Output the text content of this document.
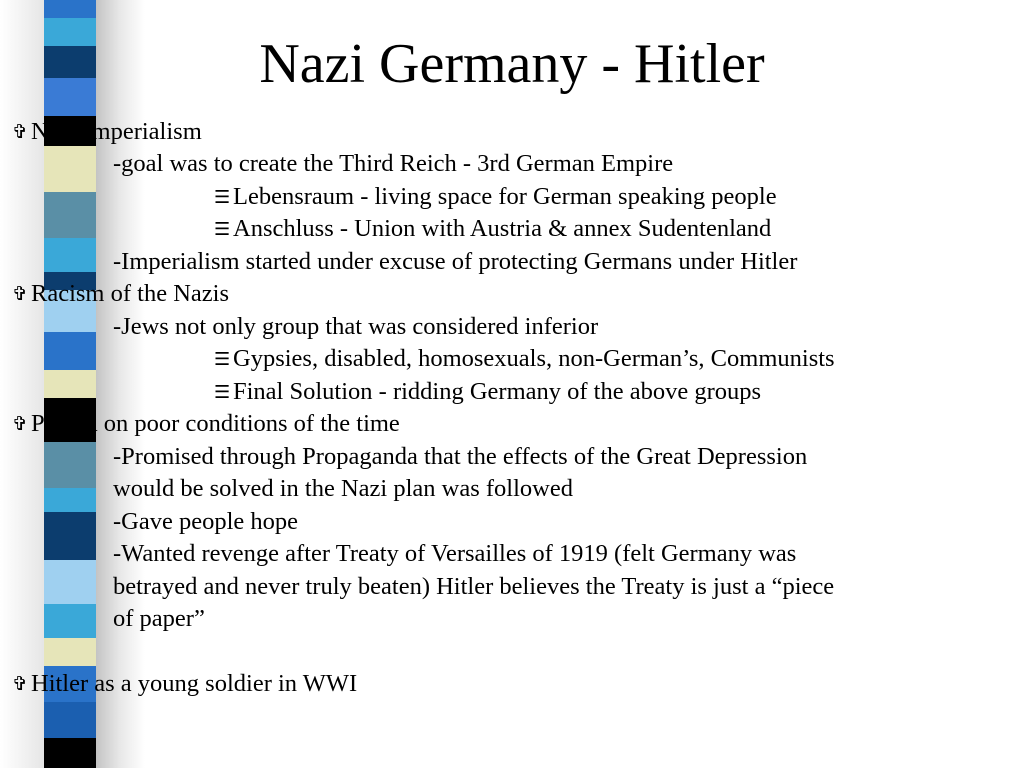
Nazi Germany - Hitler
✞ Nazi Imperialism
-goal was to create the Third Reich - 3rd German Empire
☰ Lebensraum - living space for German speaking people
☰ Anschluss - Union with Austria & annex Sudentenland
-Imperialism started under excuse of protecting Germans under Hitler
✞ Racism of the Nazis
-Jews not only group that was considered inferior
☰ Gypsies, disabled, homosexuals, non-German’s, Communists
☰ Final Solution - ridding Germany of the above groups
✞ Played on poor conditions of the time
-Promised through Propaganda that the effects of the Great Depression
would be solved in the Nazi plan was followed
-Gave people hope
-Wanted revenge after Treaty of Versailles of 1919 (felt Germany was
betrayed and never truly beaten) Hitler believes the Treaty is just a “piece
of paper”
✞ Hitler as a young soldier in WWI
